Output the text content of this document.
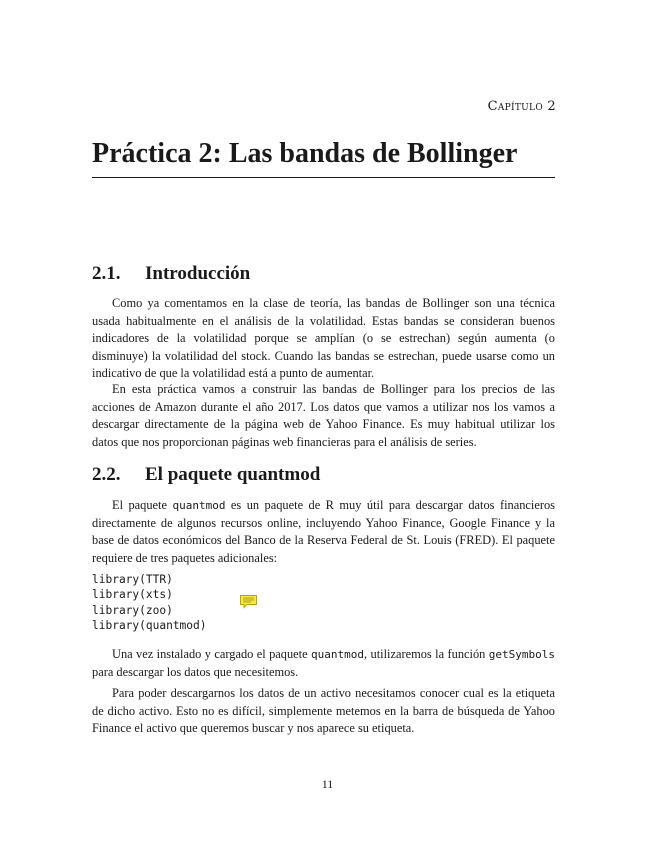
Capítulo 2
Práctica 2: Las bandas de Bollinger
2.1. Introducción

Como ya comentamos en la clase de teoría, las bandas de Bollinger son una técnica usada habitualmente en el análisis de la volatilidad. Estas bandas se consideran buenos indicadores de la volatilidad porque se amplían (o se estrechan) según aumenta (o disminuye) la volatilidad del stock. Cuando las bandas se estrechan, puede usarse como un indicativo de que la volatilidad está a punto de aumentar.

En esta práctica vamos a construir las bandas de Bollinger para los precios de las acciones de Amazon durante el año 2017. Los datos que vamos a utilizar nos los vamos a descargar directamente de la página web de Yahoo Finance. Es muy habitual utilizar los datos que nos proporcionan páginas web financieras para el análisis de series.

2.2. El paquete quantmod

El paquete quantmod es un paquete de R muy útil para descargar datos financieros directamente de algunos recursos online, incluyendo Yahoo Finance, Google Finance y la base de datos económicos del Banco de la Reserva Federal de St. Louis (FRED). El paquete requiere de tres paquetes adicionales:

library(TTR)
library(xts)
library(zoo)
library(quantmod)

Una vez instalado y cargado el paquete quantmod, utilizaremos la función getSymbols para descargar los datos que necesitemos.

Para poder descargarnos los datos de un activo necesitamos conocer cual es la etiqueta de dicho activo. Esto no es difícil, simplemente metemos en la barra de búsqueda de Yahoo Finance el activo que queremos buscar y nos aparece su etiqueta.

11
